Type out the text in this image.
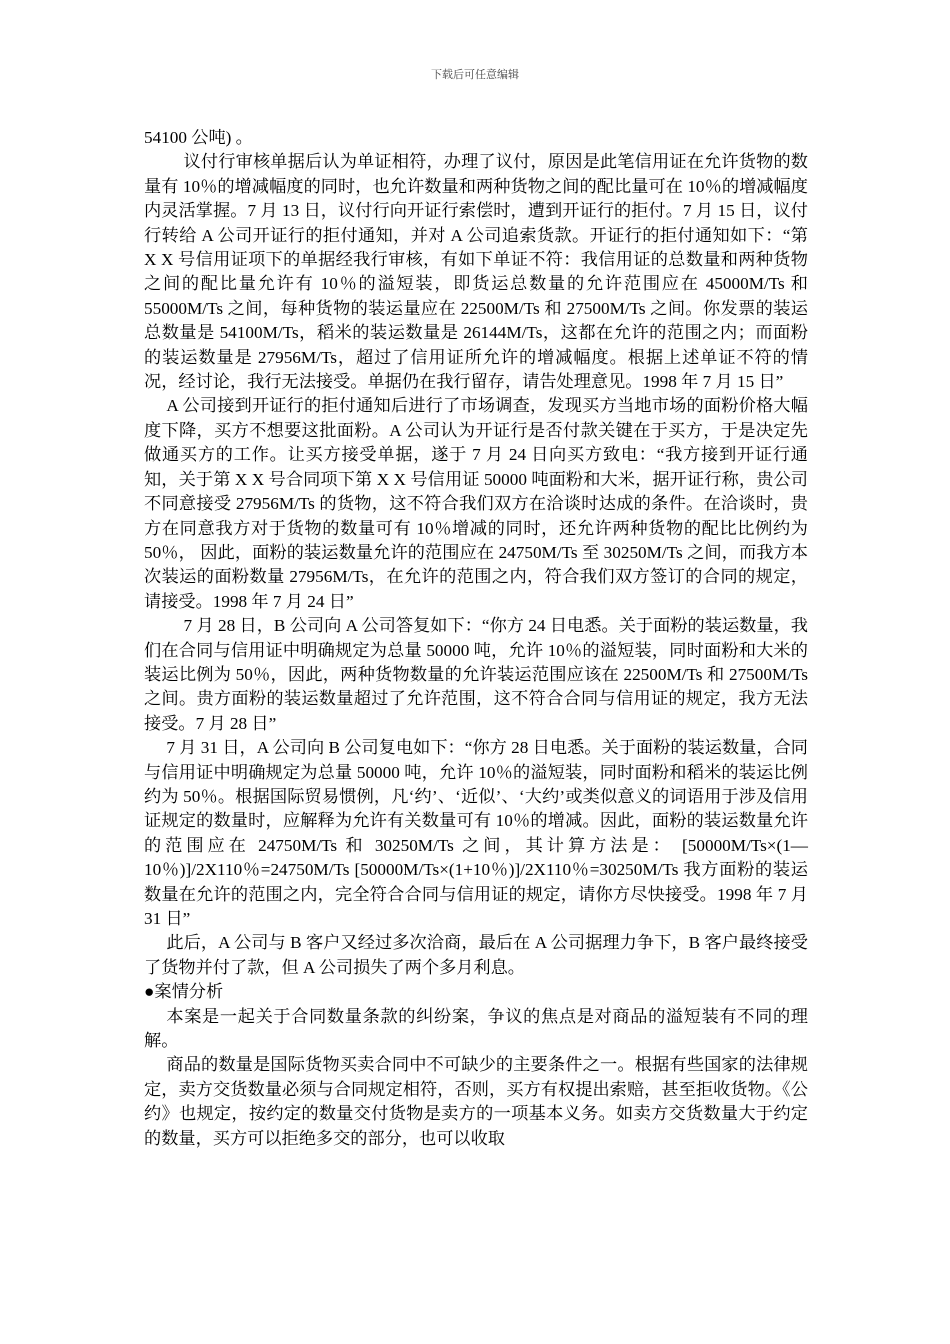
下载后可任意编辑

54100 公吨) 。

议付行审核单据后认为单证相符，办理了议付，原因是此笔信用证在允许货物的数量有 10％的增减幅度的同时，也允许数量和两种货物之间的配比量可在 10％的增减幅度内灵活掌握。7 月 13 日，议付行向开证行索偿时，遭到开证行的拒付。7 月 15 日，议付行转给 A 公司开证行的拒付通知，并对 A 公司追索货款。开证行的拒付通知如下：“第 X X 号信用证项下的单据经我行审核，有如下单证不符：我信用证的总数量和两种货物之间的配比量允许有 10％的溢短装，即货运总数量的允许范围应在 45000M/Ts 和 55000M/Ts 之间，每种货物的装运量应在 22500M/Ts 和 27500M/Ts 之间。你发票的装运总数量是 54100M/Ts，稻米的装运数量是 26144M/Ts，这都在允许的范围之内；而面粉的装运数量是 27956M/Ts，超过了信用证所允许的增减幅度。根据上述单证不符的情况，经讨论，我行无法接受。单据仍在我行留存，请告处理意见。1998 年 7 月 15 日”

A 公司接到开证行的拒付通知后进行了市场调查，发现买方当地市场的面粉价格大幅度下降，买方不想要这批面粉。A 公司认为开证行是否付款关键在于买方，于是决定先做通买方的工作。让买方接受单据，遂于 7 月 24 日向买方致电：“我方接到开证行通知，关于第 X X 号合同项下第 X X 号信用证 50000 吨面粉和大米，据开证行称，贵公司不同意接受 27956M/Ts 的货物，这不符合我们双方在洽谈时达成的条件。在洽谈时，贵方在同意我方对于货物的数量可有 10％增减的同时，还允许两种货物的配比比例约为 50％， 因此，面粉的装运数量允许的范围应在 24750M/Ts 至 30250M/Ts 之间，而我方本次装运的面粉数量 27956M/Ts，在允许的范围之内，符合我们双方签订的合同的规定，请接受。1998 年 7 月 24 日”

7 月 28 日，B 公司向 A 公司答复如下：“你方 24 日电悉。关于面粉的装运数量，我们在合同与信用证中明确规定为总量 50000 吨，允许 10％的溢短装，同时面粉和大米的装运比例为 50％，因此，两种货物数量的允许装运范围应该在 22500M/Ts 和 27500M/Ts 之间。贵方面粉的装运数量超过了允许范围，这不符合合同与信用证的规定，我方无法接受。7 月 28 日”

7 月 31 日，A 公司向 B 公司复电如下：“你方 28 日电悉。关于面粉的装运数量，合同与信用证中明确规定为总量 50000 吨，允许 10％的溢短装，同时面粉和稻米的装运比例约为 50％。根据国际贸易惯例，凡‘约’、‘近似’、‘大约’或类似意义的词语用于涉及信用证规定的数量时，应解释为允许有关数量可有 10％的增减。因此，面粉的装运数量允许的范围应在 24750M/Ts 和 30250M/Ts 之间，其计算方法是： [50000M/Ts×(1—10％)]/2X110％=24750M/Ts [50000M/Ts×(1+10％)]/2X110％=30250M/Ts 我方面粉的装运数量在允许的范围之内，完全符合合同与信用证的规定，请你方尽快接受。1998 年 7 月 31 日”

此后，A 公司与 B 客户又经过多次洽商，最后在 A 公司据理力争下，B 客户最终接受了货物并付了款，但 A 公司损失了两个多月利息。

●案情分析

本案是一起关于合同数量条款的纠纷案，争议的焦点是对商品的溢短装有不同的理解。

商品的数量是国际货物买卖合同中不可缺少的主要条件之一。根据有些国家的法律规定，卖方交货数量必须与合同规定相符，否则，买方有权提出索赔，甚至拒收货物。《公约》也规定，按约定的数量交付货物是卖方的一项基本义务。如卖方交货数量大于约定的数量，买方可以拒绝多交的部分，也可以收取
